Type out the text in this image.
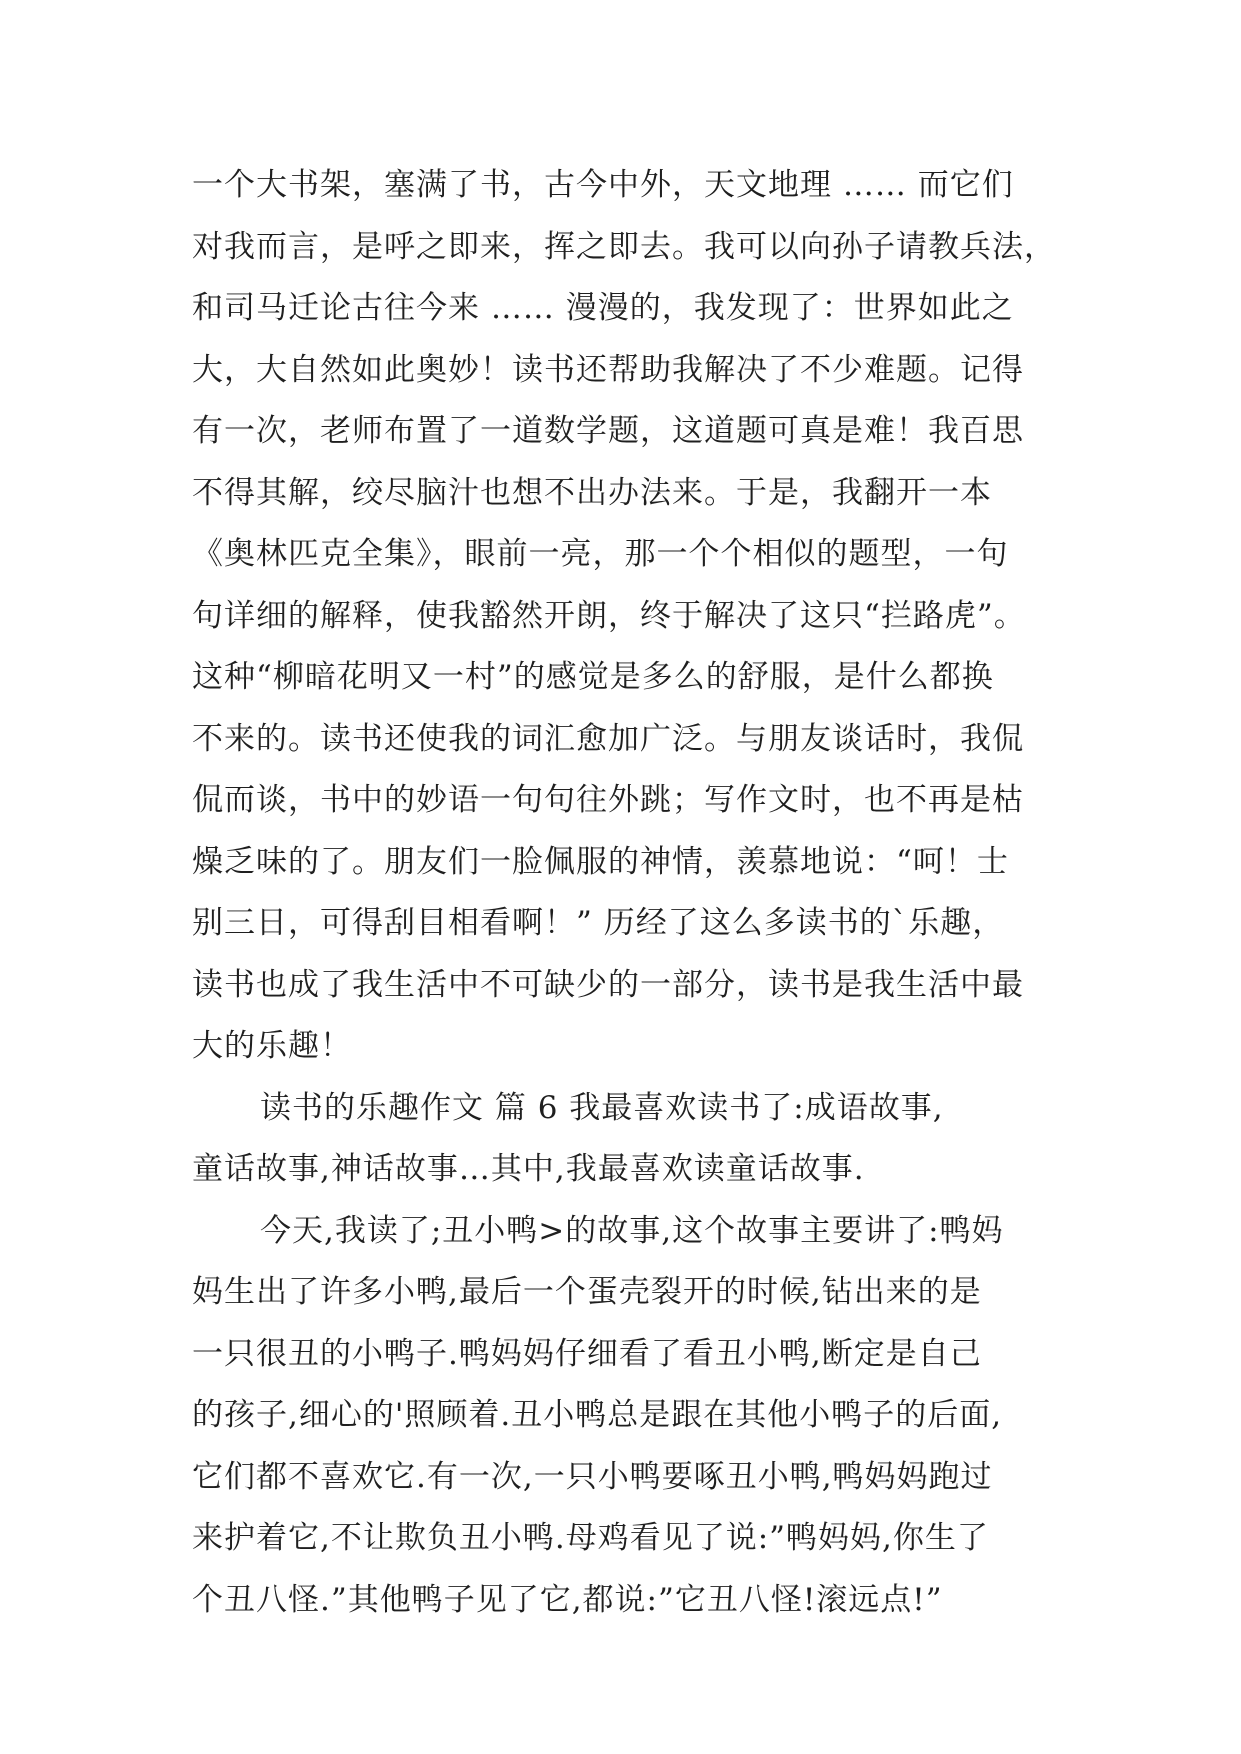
一个大书架，塞满了书，古今中外，天文地理 …… 而它们
对我而言，是呼之即来，挥之即去。我可以向孙子请教兵法，
和司马迁论古往今来 …… 漫漫的，我发现了：世界如此之
大，大自然如此奥妙！读书还帮助我解决了不少难题。记得
有一次，老师布置了一道数学题，这道题可真是难！我百思
不得其解，绞尽脑汁也想不出办法来。于是，我翻开一本
《奥林匹克全集》，眼前一亮，那一个个相似的题型，一句
句详细的解释，使我豁然开朗，终于解决了这只“拦路虎”。
这种“柳暗花明又一村”的感觉是多么的舒服，是什么都换
不来的。读书还使我的词汇愈加广泛。与朋友谈话时，我侃
侃而谈，书中的妙语一句句往外跳；写作文时，也不再是枯
燥乏味的了。朋友们一脸佩服的神情，羡慕地说：“呵！士
别三日，可得刮目相看啊！” 历经了这么多读书的`乐趣，
读书也成了我生活中不可缺少的一部分，读书是我生活中最
大的乐趣！
读书的乐趣作文 篇 6 我最喜欢读书了:成语故事,
童话故事,神话故事…其中,我最喜欢读童话故事.
今天,我读了;丑小鸭>的故事,这个故事主要讲了:鸭妈
妈生出了许多小鸭,最后一个蛋壳裂开的时候,钻出来的是
一只很丑的小鸭子.鸭妈妈仔细看了看丑小鸭,断定是自己
的孩子,细心的'照顾着.丑小鸭总是跟在其他小鸭子的后面,
它们都不喜欢它.有一次,一只小鸭要啄丑小鸭,鸭妈妈跑过
来护着它,不让欺负丑小鸭.母鸡看见了说:”鸭妈妈,你生了
个丑八怪.”其他鸭子见了它,都说:”它丑八怪!滚远点!”
